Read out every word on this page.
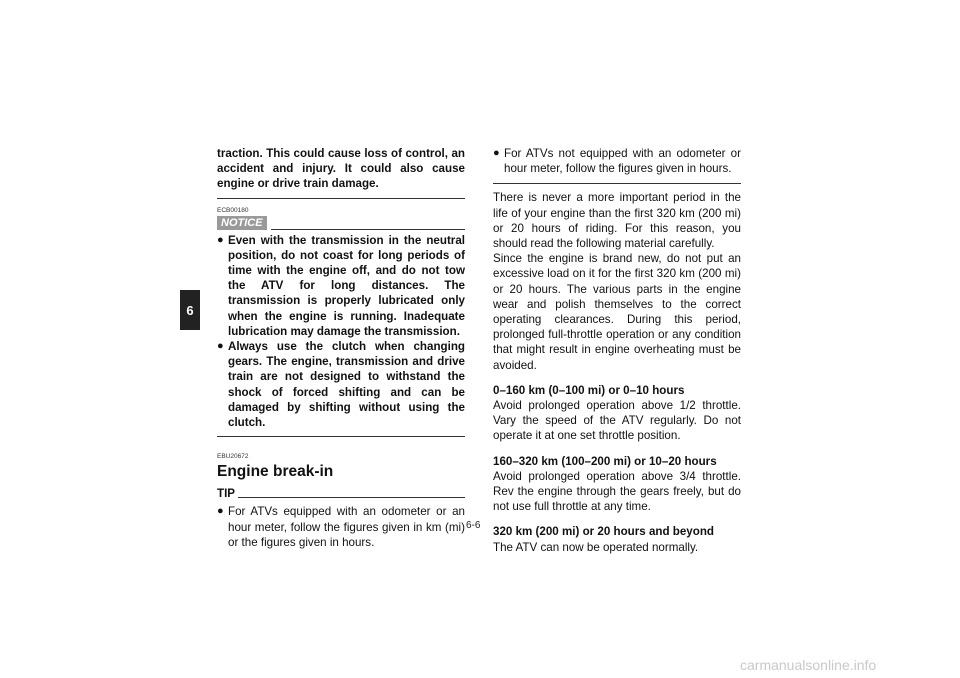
6

traction. This could cause loss of control, an accident and injury. It could also cause engine or drive train damage.

ECB00180
NOTICE
● Even with the transmission in the neutral position, do not coast for long periods of time with the engine off, and do not tow the ATV for long distances. The transmission is properly lubricated only when the engine is running. Inadequate lubrication may damage the transmission.
● Always use the clutch when changing gears. The engine, transmission and drive train are not designed to withstand the shock of forced shifting and can be damaged by shifting without using the clutch.
EBU20672
Engine break-in
TIP
● For ATVs equipped with an odometer or an hour meter, follow the figures given in km (mi) or the figures given in hours.
● For ATVs not equipped with an odometer or hour meter, follow the figures given in hours.

There is never a more important period in the life of your engine than the first 320 km (200 mi) or 20 hours of riding. For this reason, you should read the following material carefully.

Since the engine is brand new, do not put an excessive load on it for the first 320 km (200 mi) or 20 hours. The various parts in the engine wear and polish themselves to the correct operating clearances. During this period, prolonged full-throttle operation or any condition that might result in engine overheating must be avoided.

0–160 km (0–100 mi) or 0–10 hours

Avoid prolonged operation above 1/2 throttle. Vary the speed of the ATV regularly. Do not operate it at one set throttle position.

160–320 km (100–200 mi) or 10–20 hours

Avoid prolonged operation above 3/4 throttle. Rev the engine through the gears freely, but do not use full throttle at any time.

320 km (200 mi) or 20 hours and beyond

The ATV can now be operated normally.

6-6
carmanualsonline.info
